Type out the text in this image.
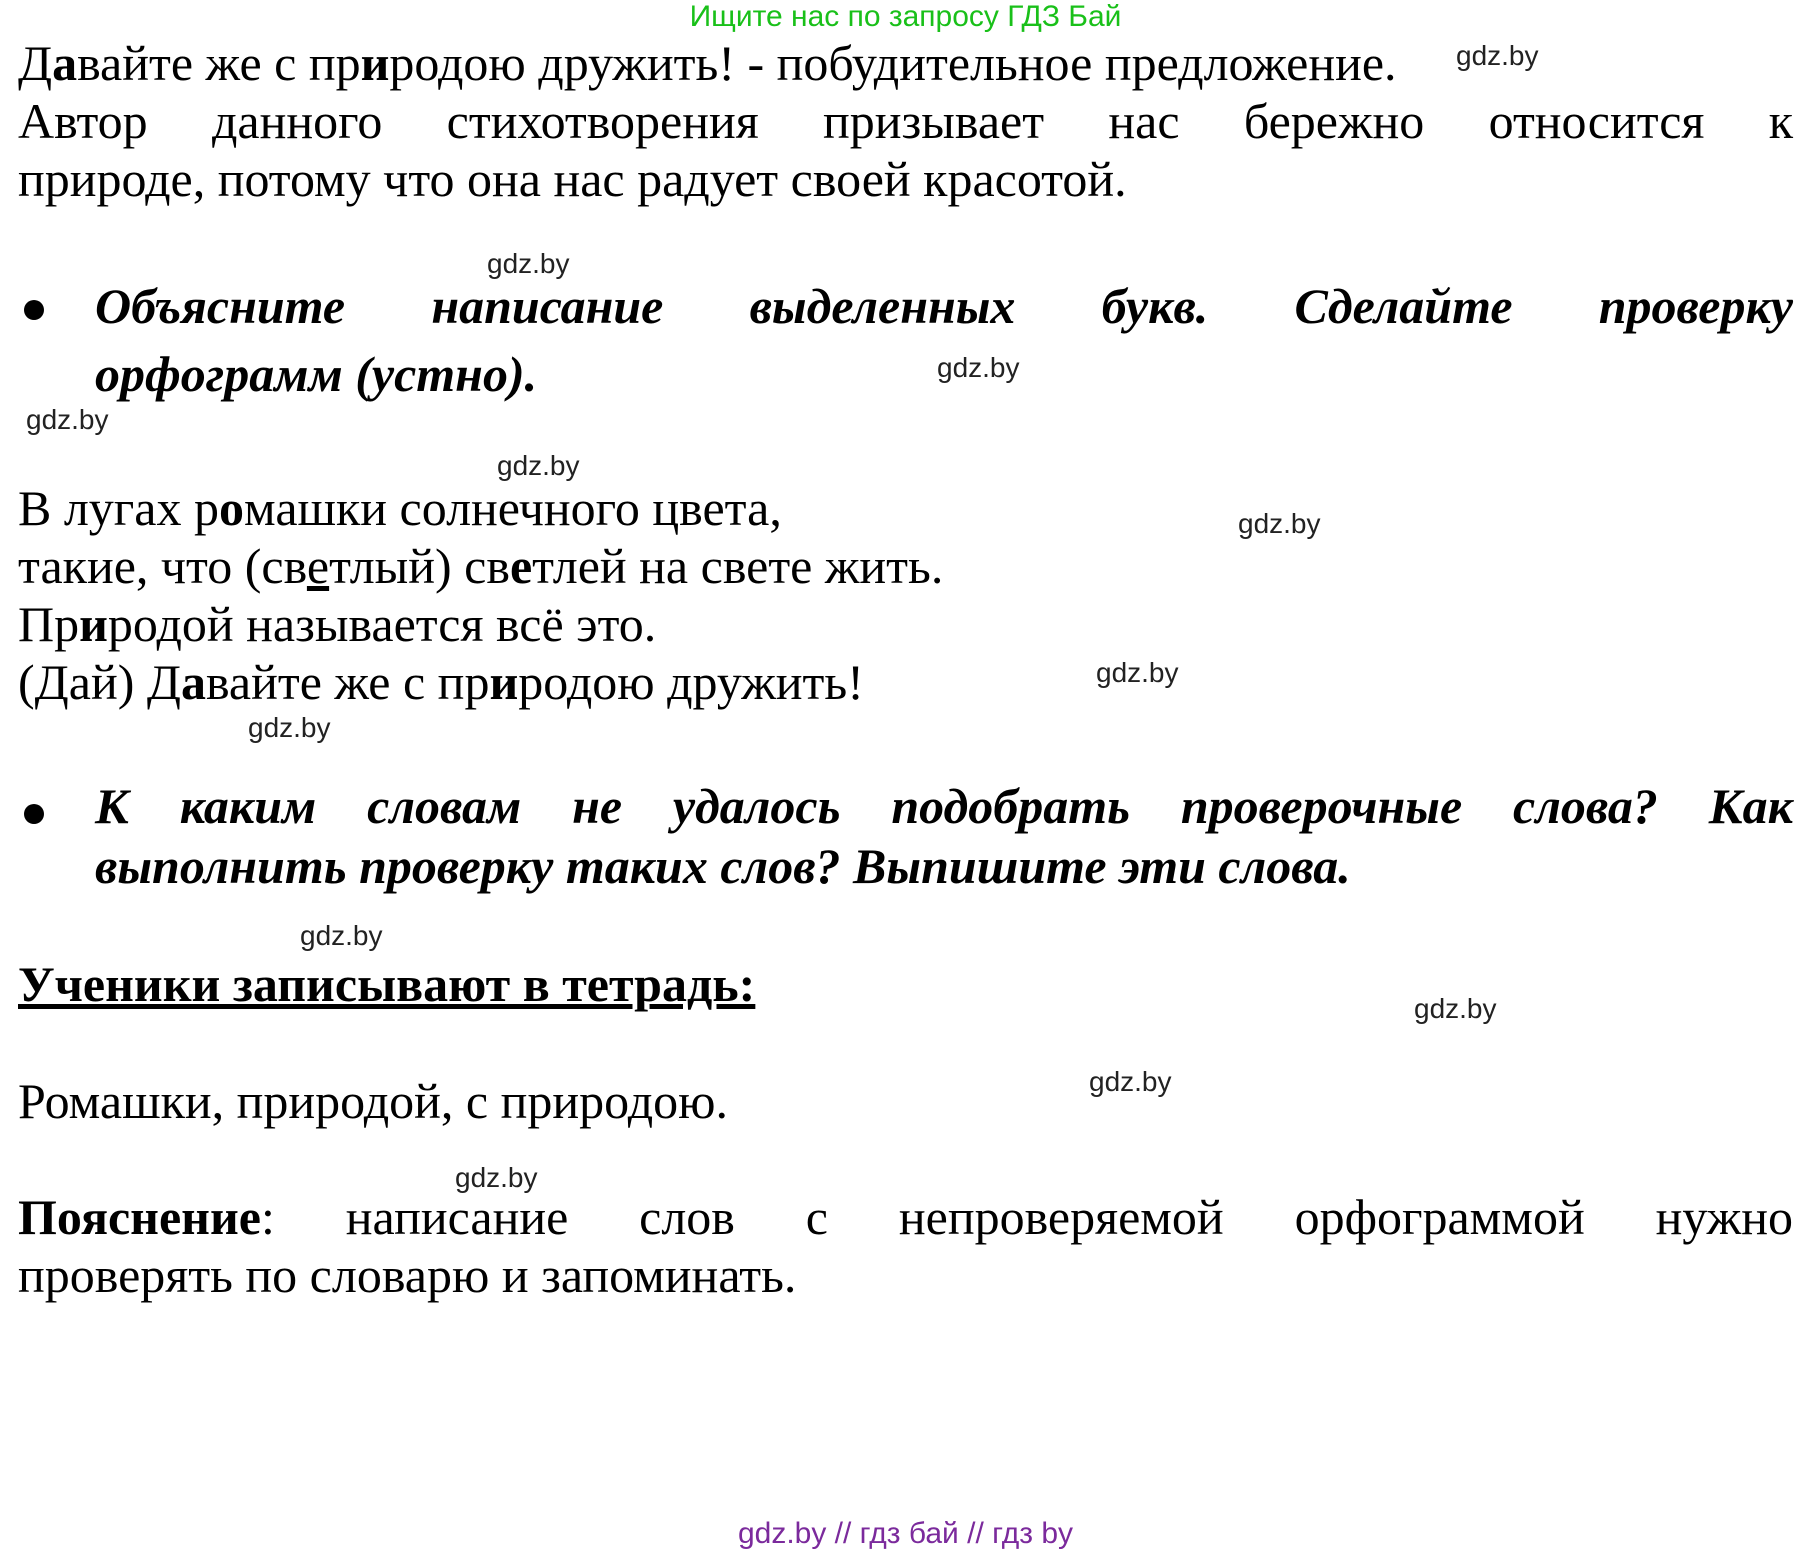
Ищите нас по запросу ГДЗ Бай
Давайте же с природою дружить! - побудительное предложение.
Автор данного стихотворения призывает нас бережно относится к
природе, потому что она нас радует своей красотой.
Объясните написание выделенных букв. Сделайте проверку
орфограмм (устно).
В лугах ромашки солнечного цвета,
такие, что (светлый) светлей на свете жить.
Природой называется всё это.
(Дай) Давайте же с природою дружить!
К каким словам не удалось подобрать проверочные слова? Как
выполнить проверку таких слов? Выпишите эти слова.
Ученики записывают в тетрадь:
Ромашки, природой, с природою.
Пояснение: написание слов с непроверяемой орфограммой нужно
проверять по словарю и запоминать.
gdz.by
gdz.by
gdz.by
gdz.by
gdz.by
gdz.by
gdz.by
gdz.by
gdz.by
gdz.by
gdz.by
gdz.by
gdz.by // гдз бай // гдз by
